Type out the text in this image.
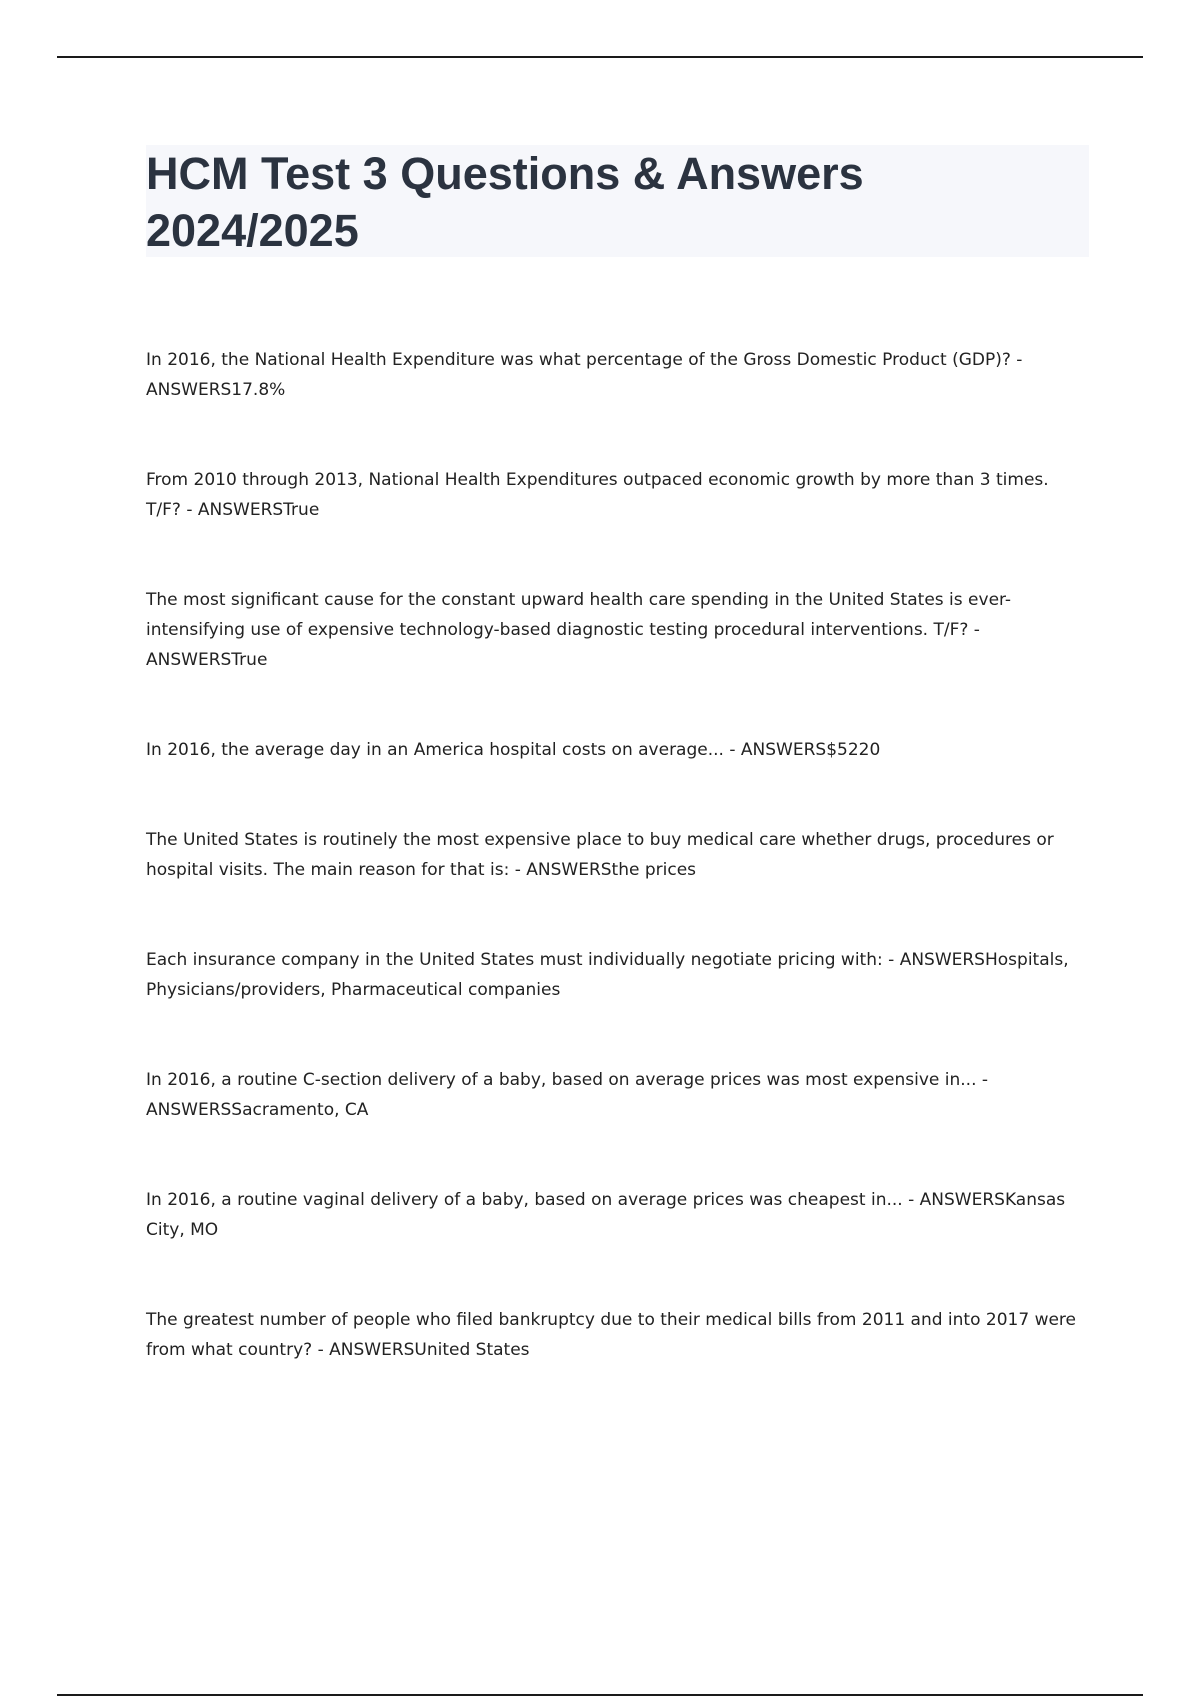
HCM Test 3 Questions & Answers
2024/2025

In 2016, the National Health Expenditure was what percentage of the Gross Domestic Product (GDP)? - ANSWERS17.8%

From 2010 through 2013, National Health Expenditures outpaced economic growth by more than 3 times. T/F? - ANSWERSTrue

The most significant cause for the constant upward health care spending in the United States is ever-intensifying use of expensive technology-based diagnostic testing procedural interventions. T/F? - ANSWERSTrue

In 2016, the average day in an America hospital costs on average... - ANSWERS$5220

The United States is routinely the most expensive place to buy medical care whether drugs, procedures or hospital visits. The main reason for that is: - ANSWERSthe prices

Each insurance company in the United States must individually negotiate pricing with: - ANSWERSHospitals, Physicians/providers, Pharmaceutical companies

In 2016, a routine C-section delivery of a baby, based on average prices was most expensive in... - ANSWERSSacramento, CA

In 2016, a routine vaginal delivery of a baby, based on average prices was cheapest in... - ANSWERSKansas City, MO

The greatest number of people who filed bankruptcy due to their medical bills from 2011 and into 2017 were from what country? - ANSWERSUnited States
